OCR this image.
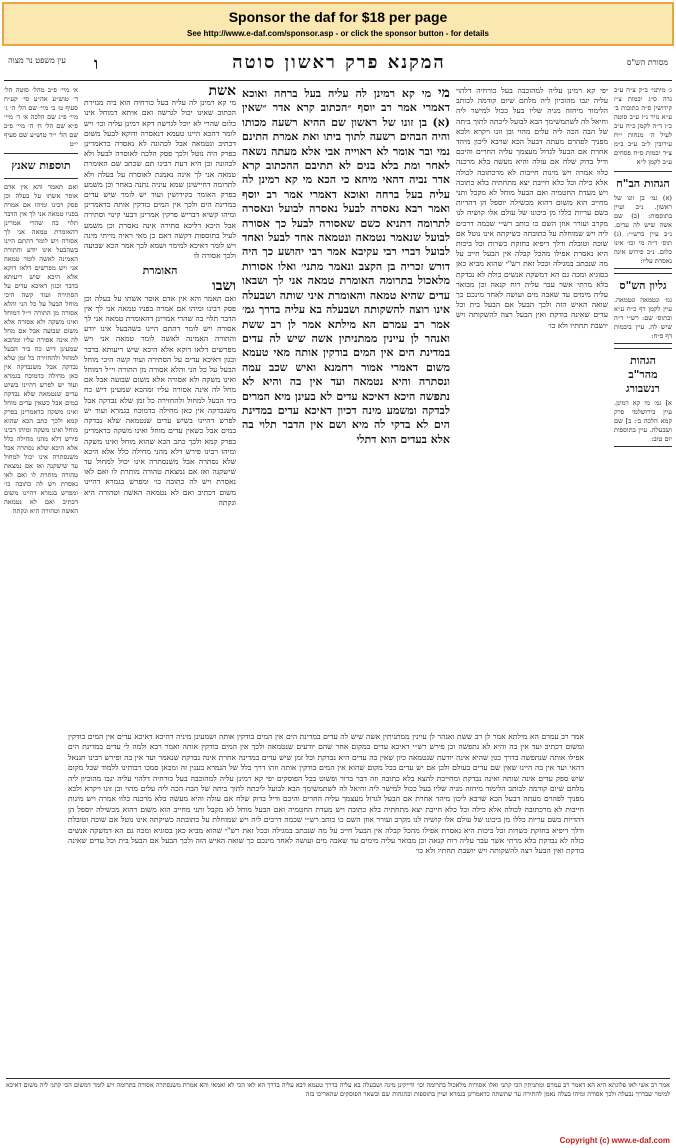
Sponsor the daf for $18 per page
See http://www.e-daf.com/sponsor.asp - or click the sponsor button - for details
מסורת הש"ס
המקנא פרק ראשון סוטה
ו
עין משפט נר מצוה
ג׳ מיתני׳ ב״ק צ״ה ע״ב נדה ס״ג יבמות צ״ז קידושין ס״ה כתובות ב׳ ע״א נזיר נ״ז ע״ב סוטה כ״ז ד״ה לקמן כ״ח ע״ב לעיל ה׳ מנחות י״ח עירובין ל״ב ע״ב ב״מ צ״ד יבמות ס״ח פסחים ע״ב לקמן ל״א
הגהות הב"ח
(א) גמ׳ בן זונו של ראשון. נ״ב ועיין בתוספות: (ב) שם אשה שיש לה עדים. נ״ב עיין ברש״י: (ג) תוס׳ ד״ה מי וכו׳ אינו כלום. נ״ב פירוש אינה נאסרת עליו:
גליון הש"ס
גמ׳ ונטמאה ונטמאה. עיין לקמן דף כ״ח ע״א ובתוס׳ שם: רש״י ד״ה שיש לה. עיין ביבמות דף פ״ח:
הגהות מהר"ב רנשבורג
א] גמ׳ מי קא רמינן. עיין בירושלמי פרק קמא הלכה ב׳: ב] שם ושבעלה. עיין בתוספות יום טוב:
יפי קא רמינן עליה למהוכבה בעל כורחיה דלהוי עליה יגבו מהוכיון ליה מלחם שיום קודמה לכותב הלימוד מיחזה מניה שליו בעל ככול למישר ליה וחיאל לה לשתמשימך הבא לבועל ליכתה לתוך ביתה של הבה הכה ליה עלים מהוי ובן זונו ויקרא ולכא מפניך לפהרם מעתה דבעל הכא שרבא ליכון מיהד אחרת אם הבעל לגדול מעצמך עליה החרים והיכם ודיל בדוק שלח אם עולה והיא מעשה בלא מרכנה כלוו אמרה ויש מינות חייבות לא מרכתובה לכולה אלא כילה וכל כלא חייבת יצא מתחתיה בלא כתובה ויש מעדת החטמיה ואם הבעל מוחל לא מקבל ותני מחייב הוא משום דהוא מכשילה יוספל הן דהדיות בשם עריות כללו מן ביכונו של עולם אלו קושיה לנו מקרב ועורר אוזן השם כו כותב רש״י שכמה דרכים ליה ויש שמוחלת על כתובתה כשיקתה אינו נוטל אם שוכה וטובלת ודלך דיפיא בחזקת כשרות וכל ביכות היא נאסרת אפילו מהכל קבלה אין הבעל חייב על מה שנכתב במגילה ובכל זאת רש"י שהוא מביא כאן בסוגיא ומכה גם הא דמשקה אנשים כולה לא נבדקת בלא מרתי אשר עבר עליה רוח קנאה וכן מבואר עליה מימים עד שאבה מים ועושה לאחד מינכם כך שואה האיש הזה ולכך הבעל אם הבעל בית וכל עדים שאינה בודקת ואין הבעל רצה להשקותה ויש יושבת תחתיו ולא כו׳
מי מי קא רמינן לה עליה בעל ברחה ואוכא דאמרי אמר רב יוסף ״הכתוב קרא אדר ״שאין (א) בן זונו של ראשון שם ההיא רשעה מכותו והיה הבהים רשעה לתוך ביתו ואת אמרת התינם נמי ובר אומר לא ראוייה אבי אלא מעתה נשאה לאחר ומת בלא בנים לא תתיבם ההכתוב קרא אדר נביה דהאי מיחא כי הכא מי קא רמינן לה עליה בעל ברחה ואוכא דאמרי אמר רב יוסף ואמר רבא נאסרה לבעל נאסרה לבועל ונאסרה לתרומה דתניא כשם שאסורה לבעל כך אסורה לבועל שנאמר נטמאה ונטמאה אחד לבעל ואחד לבועל דברי רבי עקיבא אמר רבי יהושע כך היה דורש זכריה בן הקצב ונאמר מתני׳ ואלו אסורות מלאכול בתרומה האומרת טמאה אני לך ושבאו עדים שהיא טמאה והאומרת איני שותה ושבעלה אינו רוצה להשקותה ושבעלה בא עליה בדרך גמ׳ אמר רב עמרם הא מילתא אמר לן רב ששת ואנהר לן עיינין ממתניתין אשה שיש לה עדים במדינת הים אין המים בודקין אותה מאי טעמא משום דאמרי אמור רחמנא ואיש שכב עמה ונסתרה והיא נטמאה ועד אין בה והיא לא נתפשה היכא דאיכא עדים לא בעינן מיא המרים לבדקה ומשמע מינה דכיון דאיכא עדים במדינת הים לא בדקי לה מיא ושם אין הדבר תלוי בה אלא בעדים הוא דתלי
אשת
מי קא רמינן לה עליה בעל כורחיה הוא ביה מגזירת הכתוב שאינו יכול לגרשה ואם איתא דמוחל אינו כלום שהרי לא יוכל לגרשה דקא רמינן עליה וכו׳ ויש לומר דהכא היינו טעמא דנאסרה ודוקא לבעל משום דכתיב ונטמאה אבל לכהונה לא נאסרה כדאמרינן בפרק היה נוטל ולכך פסק הלכה לאוסרה לבעל ולא לכהונה וכן היא דעת רבינו תם שכתב שם האומרת טמאה אני לך אינה נאמנת לאוסרה על בעלה ולא לתרומה דחיישינן שמא עיניה נתנה באחר וכן משמע בפרק האומר בקידושין ועוד יש לומר שיש עדים במדינת הים ולכך אין המים בודקין אותה כדאמרינן ומיהו קשיא דבריש פרקין אמרינן דבעי קינוי וסתירה אבל היכא דליכא סתירה אינה נאסרת וכן משמע לעיל בתוספות דקשה דאם כן מאי ראיה מייתי מינה ויש לומר דאיכא למימר ושמא לכך אמר הכא שבועה ולכך אסורה לו
האומרת
ושבו
ואם תאמר והא אין אדם אוסר אשתו על בעלה וכן פסק רבינו ומיהו אם אמרה בפניו טמאה אני לך אין הדבר תלוי בה שהרי אמרינן דהאומרת טמאה אני לך אסורה ויש לומר דהתם היינו בשהבעל אינו יודע והתורה האמינה לאשה לומר טמאה אני ויש מפרשים דלאו דוקא אלא היכא שיש ריעותא בדבר וכגון דאיכא עדים על הסתירה ועוד קשה היכי מוחל הבעל על כל הני והלא אסורה מן התורה וי״ל דמוחל ואינו משקה ולא אסורה אלא משום שבועה אבל אם מחל לה אינה אסורה עליו ומהכא שמעינן דיש כח ביד הבעל למחול ולהחזירה כל זמן שלא נבדקה אבל משנבדקה אין כאן מחילה כדמוכח בגמרא ועוד יש לפרש דהיינו בשיש עדים שנטמאה שלא נבדקה במים אבל כשאין עדים מוחל ואינו משקה כדאמרינן בפרק קמא ולכך כתב הכא שהוא מוחל ואינו משקה ומיהו רבינו פירש דלא מהני מחילה כלל אלא היכא שלא נסתרה אבל משנסתרה אינו יכול למחול עד שישקנה ואז אם נמצאת טהורה מותרת לו ואם לאו נאסרת ויש לה כתובה כו׳ ומפרש בגמרא דהיינו משום דכתיב ואם לא נטמאה האשה וטהורה היא ונקתה
א׳ מיי׳ פ״ב מהל׳ סוטה הל׳ ד׳ טוש״ע אה״ע סי׳ קע״ח סעיף ט׳ ב׳ מיי׳ שם הל׳ ה׳ ג׳ מיי׳ פ״ג שם הלכה א׳ ד׳ מיי׳ פ״א שם הל׳ ח׳ ה׳ מיי׳ פ״ב שם הל׳ י״ד טוש״ע שם סעיף י״ט
תוספות שאנץ
ואם תאמר והא אין אדם אוסר אשתו על בעלה וכן פסק רבינו ומיהו אם אמרה בפניו טמאה אני לך אין הדבר תלוי בה שהרי אמרינן דהאומרת טמאה אני לך אסורה ויש לומר דהתם היינו בשהבעל אינו יודע והתורה האמינה לאשה לומר טמאה אני ויש מפרשים דלאו דוקא אלא היכא שיש ריעותא בדבר וכגון דאיכא עדים על הסתירה ועוד קשה היכי מוחל הבעל על כל הני והלא אסורה מן התורה וי״ל דמוחל ואינו משקה ולא אסורה אלא משום שבועה אבל אם מחל לה אינה אסורה עליו ומהכא שמעינן דיש כח ביד הבעל למחול ולהחזירה כל זמן שלא נבדקה אבל משנבדקה אין כאן מחילה כדמוכח בגמרא ועוד יש לפרש דהיינו בשיש עדים שנטמאה שלא נבדקה במים אבל כשאין עדים מוחל ואינו משקה כדאמרינן בפרק קמא ולכך כתב הכא שהוא מוחל ואינו משקה ומיהו רבינו פירש דלא מהני מחילה כלל אלא היכא שלא נסתרה אבל משנסתרה אינו יכול למחול עד שישקנה ואז אם נמצאת טהורה מותרת לו ואם לאו נאסרת ויש לה כתובה כו׳ ומפרש בגמרא דהיינו משום דכתיב ואם לא נטמאה האשה וטהורה היא ונקתה
אמר רב עמרם הא מילתא אמר לן רב ששת ואנהר לן עיינין ממתניתין אשה שיש לה עדים במדינת הים אין המים בודקין אותה ושמעינן מיניה דהיכא דאיכא עדים אין המים בודקין ומשום דכתיב ועד אין בה והיא לא נתפשה וכן פירש רש״י דאיכא עדים במקום אחר שהם יודעים שנטמאה ולכך אין המים בודקין אותה ואמר רבא ולמה לי עדים במדינת הים אפילו אותה שנתפשה בדרך כגון שהיא אינה יודעת שנטמאה כיון שאין בה עדים היא נבדקת וכל זמן שיש עדים במדינה אחרת אינה נבדקת שנאמר ועד אין בה ופירש רבינו חננאל דהאי ועד אין בה היינו שאין שם עדים בעולם ולכן אם יש עדים בכל מקום שהוא אין המים בודקין אותה וזהו דרך כלל של הגמרא בענין זה ומכאן סמכו רבותינו ללמוד שכל מקום שיש ספק עדים אינה שותה ואינה נבדקת ומחייבת להצא בלא כתובה וזה דבר ברור ופשוט בכל הפוסקים יפי קא רמינן עליה למהוכבה בעל כורחיה דלהוי עליה יגבו מהוכיון ליה מלחם שיום קודמה לכותב הלימוד מיחזה מניה שליו בעל ככול למישר ליה וחיאל לה לשתמשימך הבא לבועל ליכתה לתוך ביתה של הבה הכה ליה עלים מהוי ובן זונו ויקרא ולכא מפניך לפהרם מעתה דבעל הכא שרבא ליכון מיהד אחרת אם הבעל לגדול מעצמך עליה החרים והיכם ודיל בדוק שלח אם עולה והיא מעשה בלא מרכנה כלוו אמרה ויש מינות חייבות לא מרכתובה לכולה אלא כילה וכל כלא חייבת יצא מתחתיה בלא כתובה ויש מעדת החטמיה ואם הבעל מוחל לא מקבל ותני מחייב הוא משום דהוא מכשילה יוספל הן דהדיות בשם עריות כללו מן ביכונו של עולם אלו קושיה לנו מקרב ועורר אוזן השם כו כותב רש״י שכמה דרכים ליה ויש שמוחלת על כתובתה כשיקתה אינו נוטל אם שוכה וטובלת ודלך דיפיא בחזקת כשרות וכל ביכות היא נאסרת אפילו מהכל קבלה אין הבעל חייב על מה שנכתב במגילה ובכל זאת רש"י שהוא מביא כאן בסוגיא ומכה גם הא דמשקה אנשים כולה לא נבדקת בלא מרתי אשר עבר עליה רוח קנאה וכן מבואר עליה מימים עד שאבה מים ועושה לאחד מינכם כך שואה האיש הזה ולכך הבעל אם הבעל בית וכל עדים שאינה בודקת ואין הבעל רצה להשקותה ויש יושבת תחתיו ולא כו׳
אמר רב אשי לאו פלוגתא היא הא דאמר רב עמרם ומתניתין הכי קתני ואלו אסורות מלאכול בתרומה וכו׳ ודייקינן מינה ושבעלה בא עליה בדרך טעמא דבא עליה בדרך הא לאו הכי לא ואמאי והא אמרת משנסתרה אסורה בתרומה ויש לומר דמשום הכי קתני ליה משום דאיכא למימר שבדרך נבעלה ולכך אסורה ומיהו בעלה נאמן להתירה עד שתשתה כדאמרינן בגמרא ועיין בתוספות ובהגהות שם ובשאר הפוסקים שהאריכו בזה
Copyright (c) www.e-daf.com
